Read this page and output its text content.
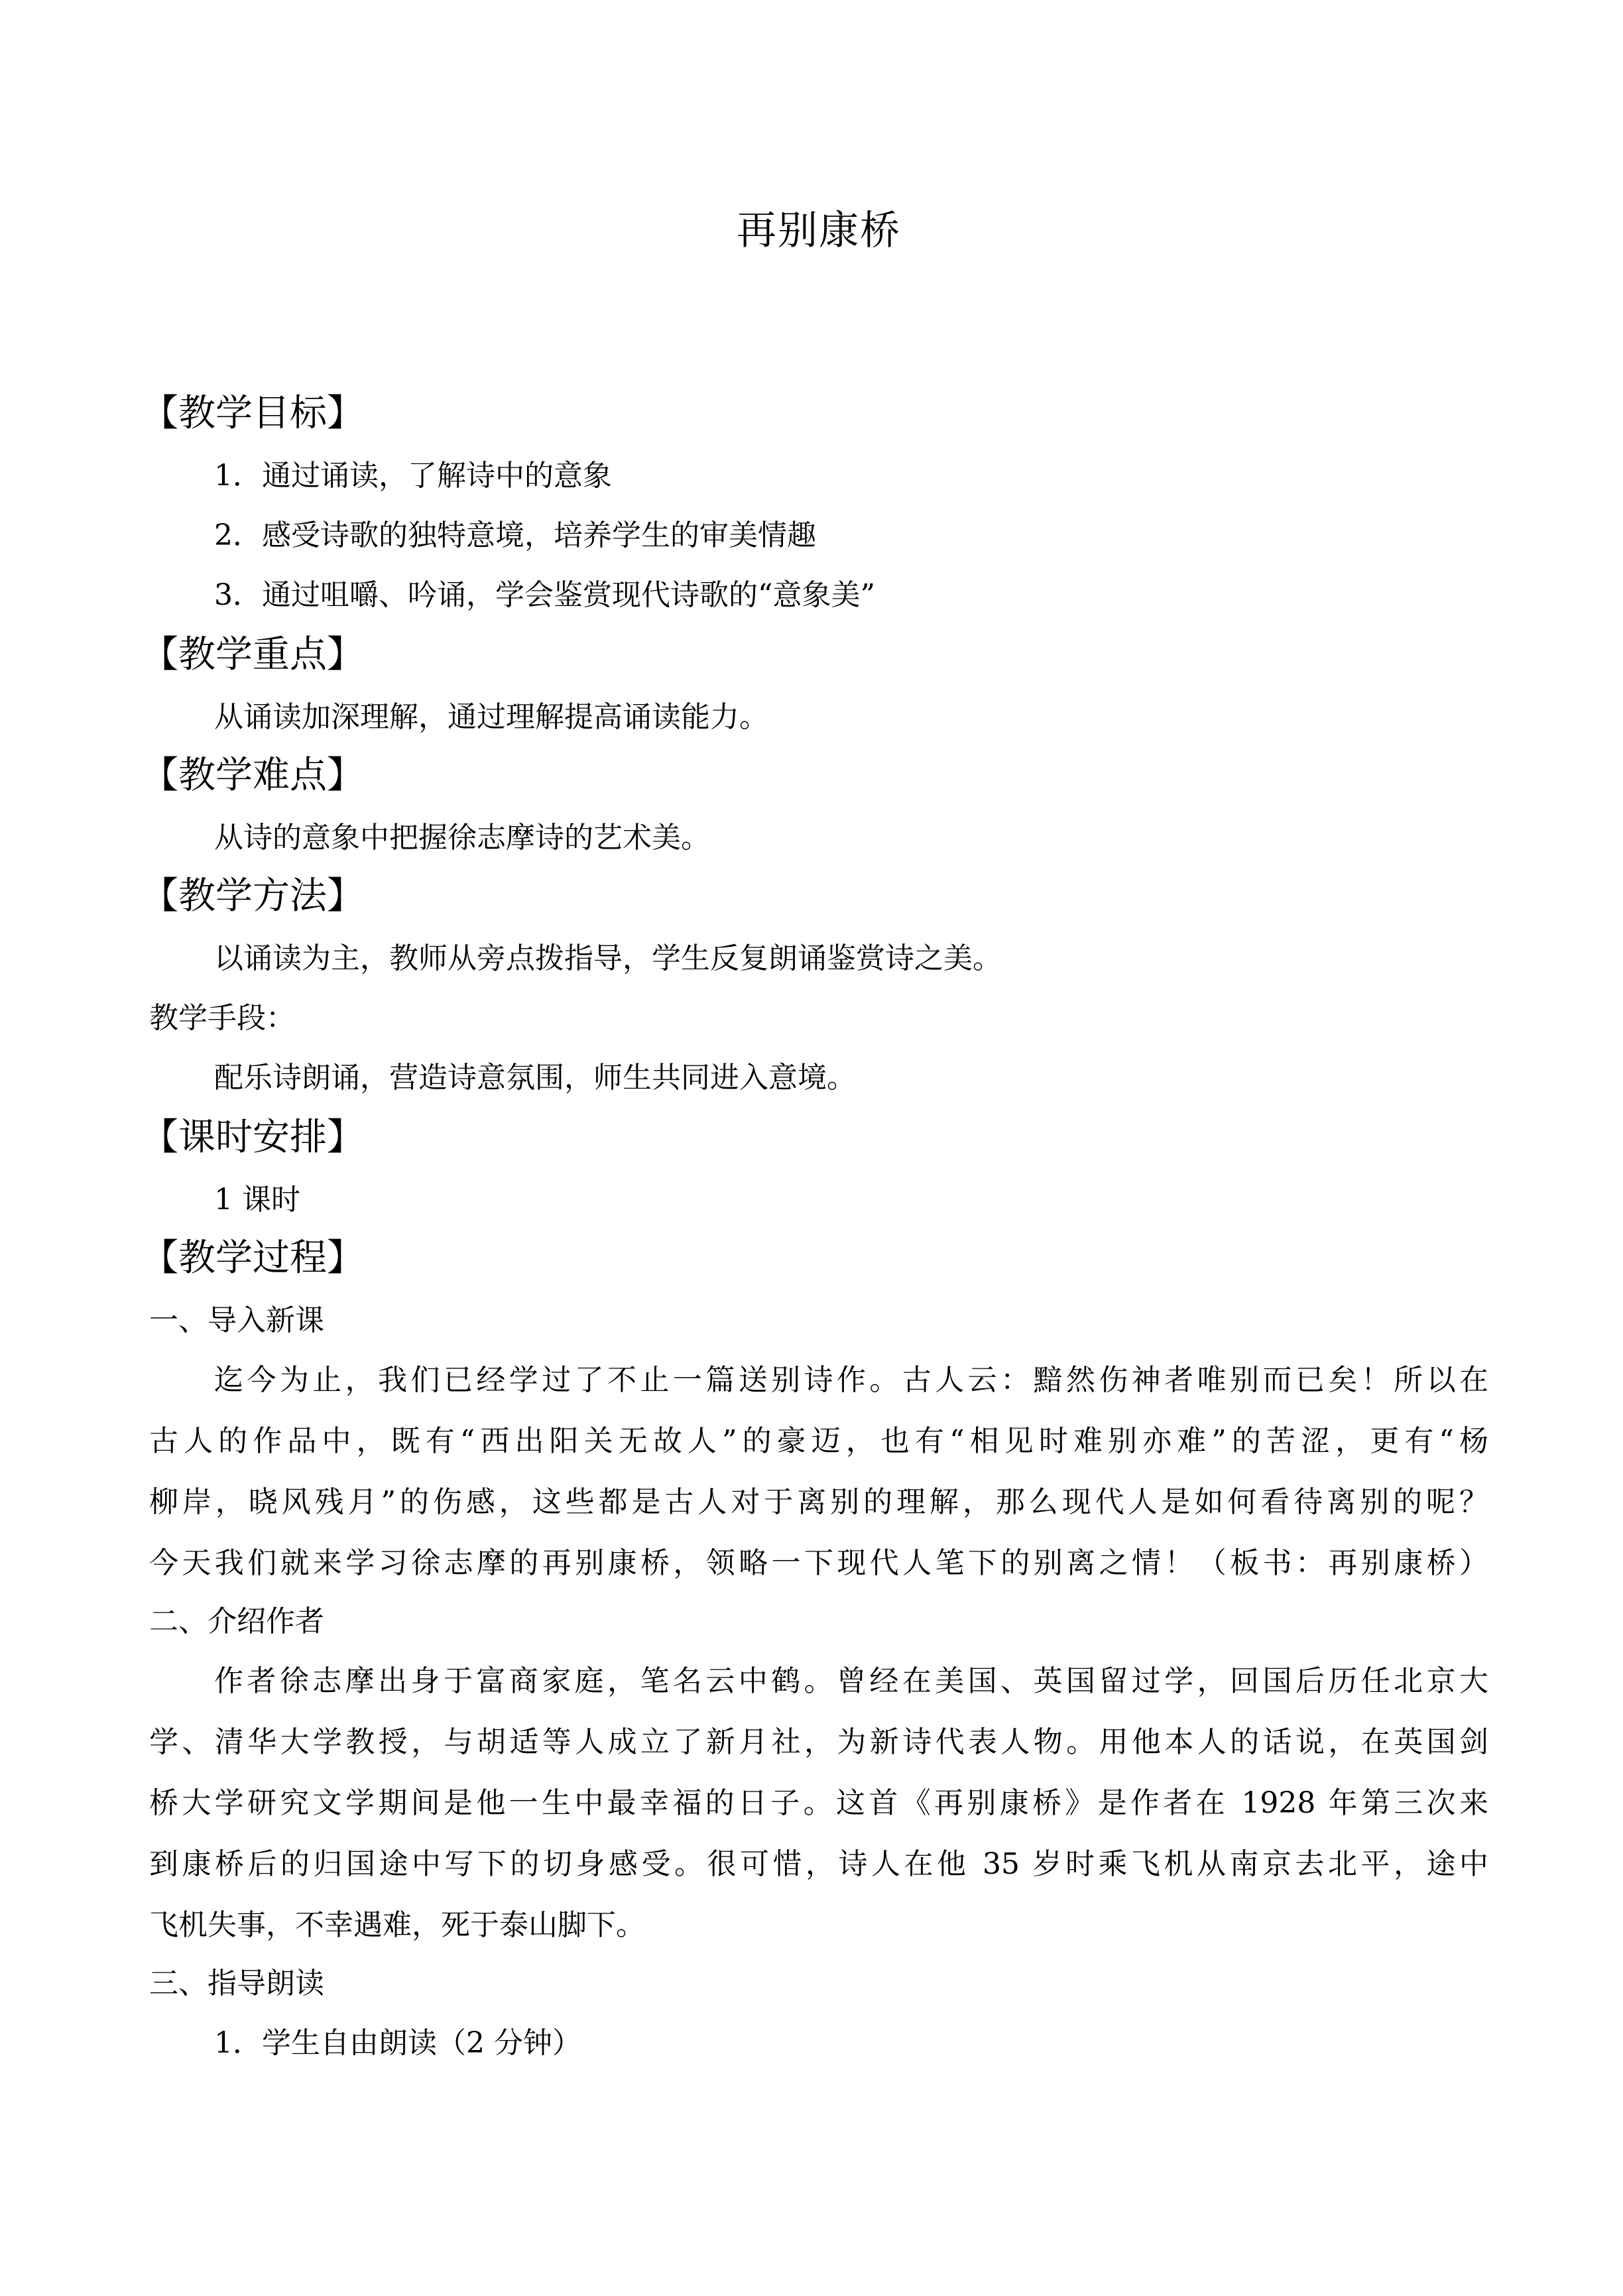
再别康桥
【教学目标】
1．通过诵读，了解诗中的意象
2．感受诗歌的独特意境，培养学生的审美情趣
3．通过咀嚼、吟诵，学会鉴赏现代诗歌的“意象美”
【教学重点】
从诵读加深理解，通过理解提高诵读能力。
【教学难点】
从诗的意象中把握徐志摩诗的艺术美。
【教学方法】
以诵读为主，教师从旁点拨指导，学生反复朗诵鉴赏诗之美。
教学手段：
配乐诗朗诵，营造诗意氛围，师生共同进入意境。
【课时安排】
1 课时
【教学过程】
一、导入新课

迄今为止，我们已经学过了不止一篇送别诗作。古人云：黯然伤神者唯别而已矣！所以在

古人的作品中，既有“西出阳关无故人”的豪迈，也有“相见时难别亦难”的苦涩，更有“杨

柳岸，晓风残月”的伤感，这些都是古人对于离别的理解，那么现代人是如何看待离别的呢？

今天我们就来学习徐志摩的再别康桥，领略一下现代人笔下的别离之情！（板书：再别康桥）

二、介绍作者

作者徐志摩出身于富商家庭，笔名云中鹤。曾经在美国、英国留过学，回国后历任北京大

学、清华大学教授，与胡适等人成立了新月社，为新诗代表人物。用他本人的话说，在英国剑

桥大学研究文学期间是他一生中最幸福的日子。这首《再别康桥》是作者在 1928 年第三次来

到康桥后的归国途中写下的切身感受。很可惜，诗人在他 35 岁时乘飞机从南京去北平，途中

飞机失事，不幸遇难，死于泰山脚下。

三、指导朗读
1．学生自由朗读（2 分钟）
